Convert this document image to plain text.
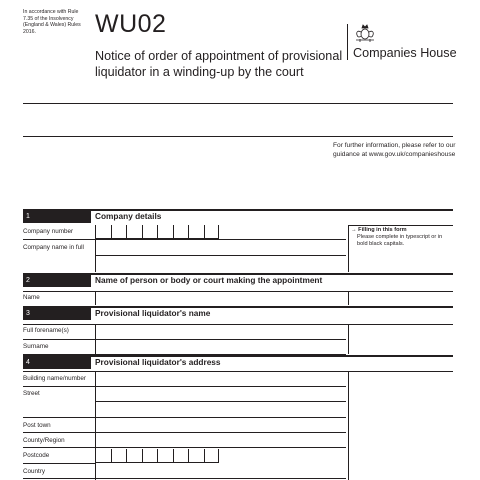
In accordance with Rule 7.35 of the Insolvency (England & Wales) Rules 2016.	WU02
Notice of order of appointment of provisional liquidator in a winding-up by the court
Companies House
For further information, please refer to our guidance at www.gov.uk/companieshouse
1	Company details
Company number
Company name in full
→ Filling in this form
Please complete in typescript or in bold black capitals.
2	Name of person or body or court making the appointment
Name
3	Provisional liquidator's name
Full forename(s)
Surname
4	Provisional liquidator's address
Building name/number
Street
Post town
County/Region
Postcode
Country
